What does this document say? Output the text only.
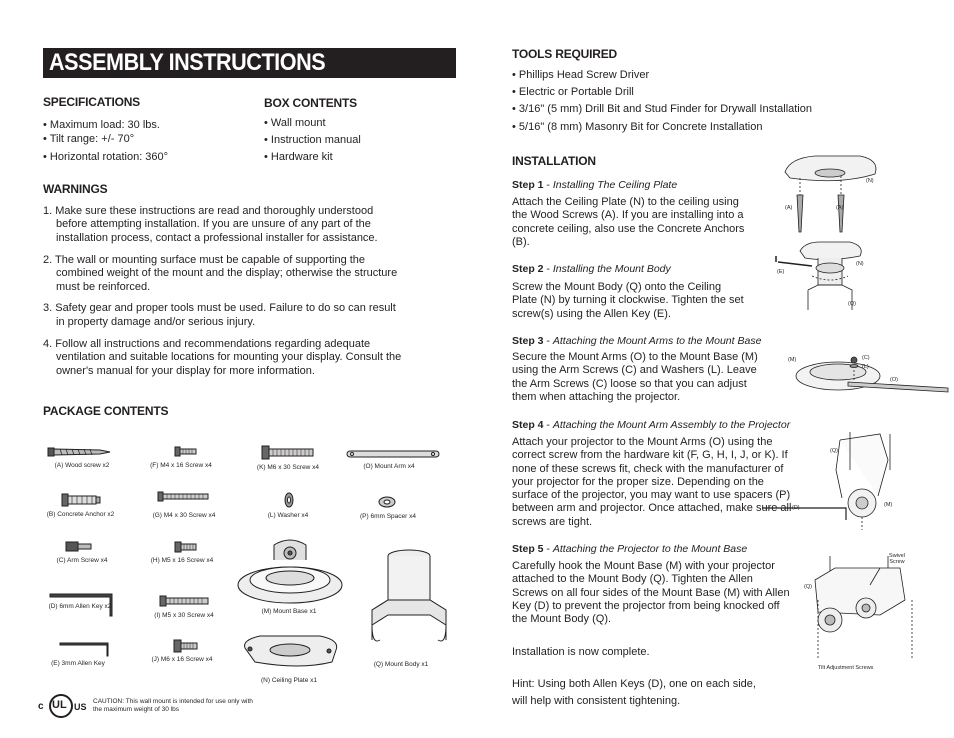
ASSEMBLY INSTRUCTIONS
SPECIFICATIONS
• Maximum load: 30 lbs.
• Tilt range: +/- 70°
• Horizontal rotation: 360°
BOX CONTENTS
• Wall mount
• Instruction manual
• Hardware kit
WARNINGS
1. Make sure these instructions are read and thoroughly understood before attempting installation. If you are unsure of any part of the installation process, contact a professional installer for assistance.
2. The wall or mounting surface must be capable of supporting the combined weight of the mount and the display; otherwise the structure must be reinforced.
3. Safety gear and proper tools must be used. Failure to do so can result in property damage and/or serious injury.
4. Follow all instructions and recommendations regarding adequate ventilation and suitable locations for mounting your display. Consult the owner's manual for your display for more information.
PACKAGE CONTENTS
(A) Wood screw x2
(B) Concrete Anchor x2
(C) Arm Screw x4
(D) 6mm Allen Key x2
(E) 3mm Allen Key
(F) M4 x 16 Screw x4
(G) M4 x 30 Screw x4
(H) M5 x 16 Screw x4
(I) M5 x 30 Screw x4
(J) M6 x 16 Screw x4
(K) M6 x 30 Screw x4
(L) Washer x4
(M) Mount Base x1
(N) Ceiling Plate x1
(O) Mount Arm x4
(P) 6mm Spacer x4
(Q) Mount Body x1
c UL US
CAUTION: This wall mount is intended for use only with the maximum weight of 30 lbs
TOOLS REQUIRED
• Phillips Head Screw Driver
• Electric or Portable Drill
• 3/16" (5 mm) Drill Bit and Stud Finder for Drywall Installation
• 5/16" (8 mm) Masonry Bit for Concrete Installation
INSTALLATION
Step 1 - Installing The Ceiling Plate
Attach the Ceiling Plate (N) to the ceiling using the Wood Screws (A). If you are installing into a concrete ceiling, also use the Concrete Anchors (B).
Step 2 - Installing the Mount Body
Screw the Mount Body (Q) onto the Ceiling Plate (N) by turning it clockwise. Tighten the set screw(s) using the Allen Key (E).
Step 3 - Attaching the Mount Arms to the Mount Base
Secure the Mount Arms (O) to the Mount Base (M) using the Arm Screws (C) and Washers (L). Leave the Arm Screws (C) loose so that you can adjust them when attaching the projector.
Step 4 - Attaching the Mount Arm Assembly to the Projector
Attach your projector to the Mount Arms (O) using the correct screw from the hardware kit (F, G, H, I, J, or K). If none of these screws fit, check with the manufacturer of your projector for the proper size. Depending on the surface of the projector, you may want to use spacers (P) between arm and projector. Once attached, make sure all screws are tight.
Step 5 - Attaching the Projector to the Mount Base
Carefully hook the Mount Base (M) with your projector attached to the Mount Body (Q). Tighten the Allen Screws on all four sides of the Mount Base (M) with Allen Key (D) to prevent the projector from being knocked off the Mount Body (Q).
Installation is now complete.
Hint: Using both Allen Keys (D), one on each side, will help with consistent tightening.
(N)
(A)	(A)
(E)
(N)
(Q)
(M)	(C)
(L)
(O)
(Q)
(D)	(M)
(Q)
Swivel Screw
Tilt Adjustment Screws
